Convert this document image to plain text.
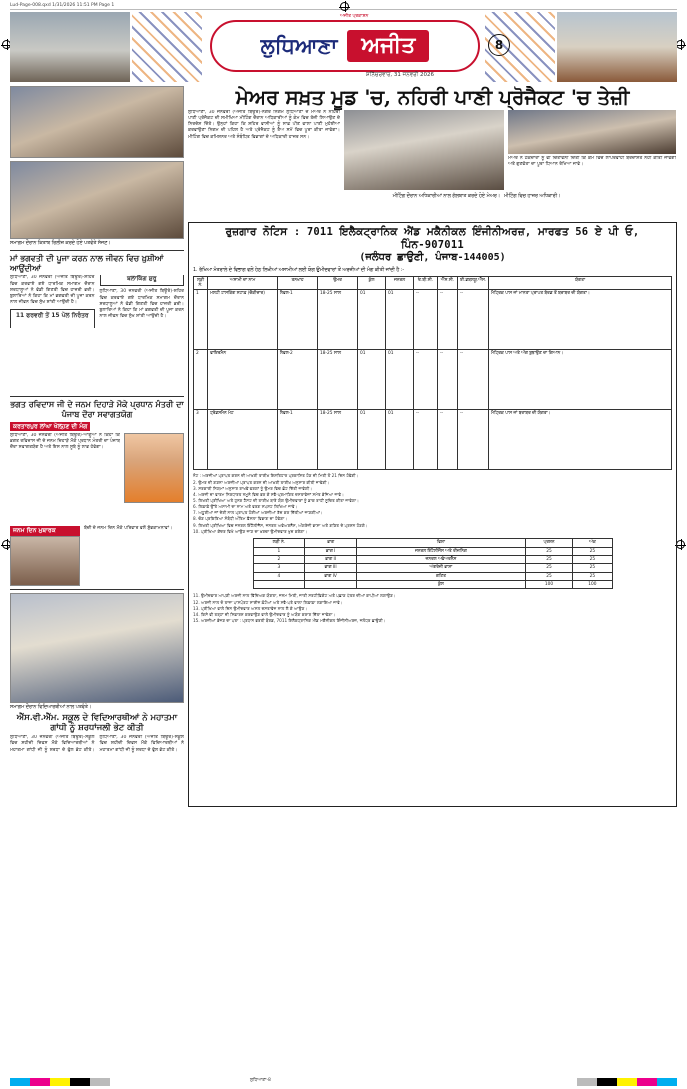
Lud-Page-008.qxd 1/31/2026 11:51 PM Page 1
ਲੁਧਿਆਣਾ	ਅਜੀਤ
ਅਜੀਤ ਪ੍ਰਕਾਸ਼ਨ
ਸ਼ਨਿੱਚਰਵਾਰ, 31 ਜਨਵਰੀ 2026
8

ਸਮਾਗਮ ਦੌਰਾਨ ਕਿਤਾਬ ਰਿਲੀਜ਼ ਕਰਦੇ ਹੋਏ ਪਤਵੰਤੇ ਸੱਜਣ।

ਮਾਂ ਭਗਵਤੀ ਦੀ ਪੂਜਾ ਕਰਨ ਨਾਲ ਜੀਵਨ ਵਿਚ ਖ਼ੁਸ਼ੀਆਂ ਆਉਂਦੀਆਂ
ਲੁਧਿਆਣਾ, 30 ਜਨਵਰੀ (ਅਜੀਤ ਬਿਊਰੋ)-ਸ਼ਹਿਰ ਵਿਚ ਕਰਵਾਏ ਗਏ ਧਾਰਮਿਕ ਸਮਾਗਮ ਦੌਰਾਨ ਸ਼ਰਧਾਲੂਆਂ ਨੇ ਵੱਡੀ ਗਿਣਤੀ ਵਿਚ ਹਾਜ਼ਰੀ ਭਰੀ। ਬੁਲਾਰਿਆਂ ਨੇ ਕਿਹਾ ਕਿ ਮਾਂ ਭਗਵਤੀ ਦੀ ਪੂਜਾ ਕਰਨ ਨਾਲ ਜੀਵਨ ਵਿਚ ਸੁੱਖ ਸ਼ਾਂਤੀ ਆਉਂਦੀ ਹੈ।
11 ਫਰਵਰੀ ਤੋਂ 15 ਪੋਲ ਨਿਰੰਤਰ ਬਲਾਕਿੰਗ ਸ਼ੁਰੂ
ਲੁਧਿਆਣਾ, 30 ਜਨਵਰੀ (ਅਜੀਤ ਬਿਊਰੋ)-ਸ਼ਹਿਰ ਵਿਚ ਕਰਵਾਏ ਗਏ ਧਾਰਮਿਕ ਸਮਾਗਮ ਦੌਰਾਨ ਸ਼ਰਧਾਲੂਆਂ ਨੇ ਵੱਡੀ ਗਿਣਤੀ ਵਿਚ ਹਾਜ਼ਰੀ ਭਰੀ। ਬੁਲਾਰਿਆਂ ਨੇ ਕਿਹਾ ਕਿ ਮਾਂ ਭਗਵਤੀ ਦੀ ਪੂਜਾ ਕਰਨ ਨਾਲ ਜੀਵਨ ਵਿਚ ਸੁੱਖ ਸ਼ਾਂਤੀ ਆਉਂਦੀ ਹੈ।
ਭਗਤ ਰਵਿਦਾਸ ਜੀ ਦੇ ਜਨਮ ਦਿਹਾੜੇ ਮੌਕੇ ਪ੍ਰਧਾਨ ਮੰਤਰੀ ਦਾ ਪੰਜਾਬ ਦੌਰਾ ਸਵਾਗਤਯੋਗ
ਕਰਤਾਰਪੁਰ ਲਾਂਘਾ ਖੋਲ੍ਹਣ ਦੀ ਮੰਗ
ਲੁਧਿਆਣਾ, 30 ਜਨਵਰੀ (ਅਜੀਤ ਬਿਊਰੋ)-ਆਗੂਆਂ ਨੇ ਕਿਹਾ ਕਿ ਭਗਤ ਰਵਿਦਾਸ ਜੀ ਦੇ ਜਨਮ ਦਿਹਾੜੇ ਮੌਕੇ ਪ੍ਰਧਾਨ ਮੰਤਰੀ ਦਾ ਪੰਜਾਬ ਦੌਰਾ ਸਵਾਗਤਯੋਗ ਹੈ ਅਤੇ ਇਸ ਨਾਲ ਸੂਬੇ ਨੂੰ ਲਾਭ ਹੋਵੇਗਾ।
ਜਨਮ ਦਿਨ ਮੁਬਾਰਕ	ਬੱਚੀ ਦੇ ਜਨਮ ਦਿਨ ਮੌਕੇ ਪਰਿਵਾਰ ਵਲੋਂ ਸ਼ੁੱਭਕਾਮਨਾਵਾਂ।

ਸਮਾਗਮ ਦੌਰਾਨ ਵਿਦਿਆਰਥੀਆਂ ਨਾਲ ਪਤਵੰਤੇ।

ਐੱਸ.ਵੀ.ਐੱਮ. ਸਕੂਲ ਦੇ ਵਿਦਿਆਰਥੀਆਂ ਨੇ ਮਹਾਤਮਾ ਗਾਂਧੀ ਨੂੰ ਸ਼ਰਧਾਂਜਲੀ ਭੇਟ ਕੀਤੀ
ਲੁਧਿਆਣਾ, 30 ਜਨਵਰੀ (ਅਜੀਤ ਬਿਊਰੋ)-ਸਕੂਲ ਵਿਚ ਸ਼ਹੀਦੀ ਦਿਵਸ ਮੌਕੇ ਵਿਦਿਆਰਥੀਆਂ ਨੇ ਮਹਾਤਮਾ ਗਾਂਧੀ ਜੀ ਨੂੰ ਸ਼ਰਧਾ ਦੇ ਫੁੱਲ ਭੇਟ ਕੀਤੇ। ਲੁਧਿਆਣਾ, 30 ਜਨਵਰੀ (ਅਜੀਤ ਬਿਊਰੋ)-ਸਕੂਲ ਵਿਚ ਸ਼ਹੀਦੀ ਦਿਵਸ ਮੌਕੇ ਵਿਦਿਆਰਥੀਆਂ ਨੇ ਮਹਾਤਮਾ ਗਾਂਧੀ ਜੀ ਨੂੰ ਸ਼ਰਧਾ ਦੇ ਫੁੱਲ ਭੇਟ ਕੀਤੇ।
ਮੇਅਰ ਸਖ਼ਤ ਮੂਡ 'ਚ, ਨਹਿਰੀ ਪਾਣੀ ਪ੍ਰੋਜੈਕਟ 'ਚ ਤੇਜ਼ੀ
ਲੁਧਿਆਣਾ, 30 ਜਨਵਰੀ (ਅਜੀਤ ਬਿਊਰੋ)-ਨਗਰ ਨਿਗਮ ਲੁਧਿਆਣਾ ਦੇ ਮੇਅਰ ਨੇ ਨਹਿਰੀ ਪਾਣੀ ਪ੍ਰੋਜੈਕਟ ਦੀ ਸਮੀਖਿਆ ਮੀਟਿੰਗ ਦੌਰਾਨ ਅਧਿਕਾਰੀਆਂ ਨੂੰ ਕੰਮ ਵਿਚ ਤੇਜ਼ੀ ਲਿਆਉਣ ਦੇ ਨਿਰਦੇਸ਼ ਦਿੱਤੇ। ਉਨ੍ਹਾਂ ਕਿਹਾ ਕਿ ਸ਼ਹਿਰ ਵਾਸੀਆਂ ਨੂੰ ਸਾਫ਼ ਪੀਣ ਵਾਲਾ ਪਾਣੀ ਮੁਹੱਈਆ ਕਰਵਾਉਣਾ ਨਿਗਮ ਦੀ ਪਹਿਲ ਹੈ ਅਤੇ ਪ੍ਰੋਜੈਕਟ ਨੂੰ ਤੈਅ ਸਮੇਂ ਵਿਚ ਪੂਰਾ ਕੀਤਾ ਜਾਵੇਗਾ। ਮੀਟਿੰਗ ਵਿਚ ਕਮਿਸ਼ਨਰ ਅਤੇ ਸੰਬੰਧਿਤ ਵਿਭਾਗਾਂ ਦੇ ਅਧਿਕਾਰੀ ਹਾਜ਼ਰ ਸਨ।
ਮੇਅਰ ਨੇ ਠੇਕੇਦਾਰਾਂ ਨੂੰ ਵੀ ਚਿਤਾਵਨੀ ਦਿੱਤੀ ਕਿ ਕੰਮ ਵਿਚ ਲਾਪਰਵਾਹੀ ਬਰਦਾਸ਼ਤ ਨਹੀਂ ਕੀਤੀ ਜਾਵੇਗੀ ਅਤੇ ਗੁਣਵੱਤਾ ਦਾ ਪੂਰਾ ਧਿਆਨ ਰੱਖਿਆ ਜਾਵੇ।

ਮੀਟਿੰਗ ਦੌਰਾਨ ਅਧਿਕਾਰੀਆਂ ਨਾਲ ਗੱਲਬਾਤ ਕਰਦੇ ਹੋਏ ਮੇਅਰ। ਮੀਟਿੰਗ ਵਿਚ ਹਾਜ਼ਰ ਅਧਿਕਾਰੀ।

ਰੁਜ਼ਗਾਰ ਨੋਟਿਸ : 7011 ਇਲੈਕਟ੍ਰਾਨਿਕ ਐਂਡ ਮਕੈਨੀਕਲ ਇੰਜੀਨੀਅਰਜ਼, ਮਾਰਫਤ 56 ਏ ਪੀ ਓ, ਪਿੰਨ-907011
(ਜਲੰਧਰ ਛਾਉਣੀ, ਪੰਜਾਬ-144005)

1. ਰੱਖਿਆ ਮੰਤਰਾਲੇ ਦੇ ਵਿਭਾਗ ਵਲੋਂ ਹੇਠ ਲਿਖੀਆਂ ਅਸਾਮੀਆਂ ਲਈ ਯੋਗ ਉਮੀਦਵਾਰਾਂ ਤੋਂ ਅਰਜ਼ੀਆਂ ਦੀ ਮੰਗ ਕੀਤੀ ਜਾਂਦੀ ਹੈ :-

ਲੜੀ ਨੰ.	ਅਸਾਮੀ ਦਾ ਨਾਮ	ਤਨਖਾਹ	ਉਮਰ	ਕੁੱਲ	ਜਨਰਲ	ਓ.ਬੀ.ਸੀ.	ਐੱਸ.ਸੀ.	ਈ.ਡਬਲਯੂ.ਐੱਸ.	ਯੋਗਤਾ
1	ਮਲਟੀ ਟਾਸਕਿੰਗ ਸਟਾਫ਼ (ਚੌਕੀਦਾਰ)	ਲੈਵਲ-1	18-25 ਸਾਲ	01	01	--	--	--	ਮੈਟ੍ਰਿਕ ਪਾਸ ਜਾਂ ਮਾਨਤਾ ਪ੍ਰਾਪਤ ਬੋਰਡ ਤੋਂ ਬਰਾਬਰ ਦੀ ਯੋਗਤਾ।
2	ਫਾਇਰਮੈਨ	ਲੈਵਲ-2	18-25 ਸਾਲ	01	01	--	--	--	ਮੈਟ੍ਰਿਕ ਪਾਸ ਅਤੇ ਅੱਗ ਬੁਝਾਉਣ ਦਾ ਗਿਆਨ।
3	ਟ੍ਰੇਡਸਮੈਨ ਮੇਟ	ਲੈਵਲ-1	18-25 ਸਾਲ	01	01	--	--	--	ਮੈਟ੍ਰਿਕ ਪਾਸ ਜਾਂ ਬਰਾਬਰ ਦੀ ਯੋਗਤਾ।

ਨੋਟ : ਅਰਜ਼ੀਆਂ ਪ੍ਰਾਪਤ ਕਰਨ ਦੀ ਆਖ਼ਰੀ ਤਾਰੀਖ਼ ਇਸ਼ਤਿਹਾਰ ਪ੍ਰਕਾਸ਼ਿਤ ਹੋਣ ਦੀ ਮਿਤੀ ਤੋਂ 21 ਦਿਨ ਹੋਵੇਗੀ।

2. ਉਮਰ ਦੀ ਗਣਨਾ ਅਰਜ਼ੀਆਂ ਪ੍ਰਾਪਤ ਕਰਨ ਦੀ ਆਖ਼ਰੀ ਤਾਰੀਖ਼ ਅਨੁਸਾਰ ਕੀਤੀ ਜਾਵੇਗੀ।

3. ਸਰਕਾਰੀ ਨਿਯਮਾਂ ਅਨੁਸਾਰ ਰਾਖਵੇਂ ਵਰਗਾਂ ਨੂੰ ਉਮਰ ਵਿਚ ਛੋਟ ਦਿੱਤੀ ਜਾਵੇਗੀ।

4. ਅਰਜ਼ੀ ਦਾ ਫਾਰਮ ਨਿਰਧਾਰਤ ਨਮੂਨੇ ਵਿਚ ਭਰ ਕੇ ਸਵੈ-ਪ੍ਰਮਾਣਿਤ ਦਸਤਾਵੇਜ਼ਾਂ ਸਮੇਤ ਭੇਜਿਆ ਜਾਵੇ।

5. ਲਿਖਤੀ ਪ੍ਰੀਖਿਆ ਅਤੇ ਹੁਨਰ ਟੈਸਟ ਦੀ ਤਾਰੀਖ਼ ਬਾਰੇ ਯੋਗ ਉਮੀਦਵਾਰਾਂ ਨੂੰ ਡਾਕ ਰਾਹੀਂ ਸੂਚਿਤ ਕੀਤਾ ਜਾਵੇਗਾ।

6. ਲਿਫ਼ਾਫ਼ੇ ਉੱਤੇ ਅਸਾਮੀ ਦਾ ਨਾਮ ਅਤੇ ਵਰਗ ਸਪਸ਼ਟ ਲਿਖਿਆ ਜਾਵੇ।

7. ਅਧੂਰੀਆਂ ਜਾਂ ਦੇਰੀ ਨਾਲ ਪ੍ਰਾਪਤ ਹੋਈਆਂ ਅਰਜ਼ੀਆਂ ਰੱਦ ਕਰ ਦਿੱਤੀਆਂ ਜਾਣਗੀਆਂ।

8. ਚੋਣ ਪ੍ਰਕਿਰਿਆ ਸੰਬੰਧੀ ਅੰਤਿਮ ਫ਼ੈਸਲਾ ਵਿਭਾਗ ਦਾ ਹੋਵੇਗਾ।

9. ਲਿਖਤੀ ਪ੍ਰੀਖਿਆ ਵਿਚ ਜਨਰਲ ਇੰਟੈਲੀਜੈਂਸ, ਜਨਰਲ ਅਵੇਅਰਨੈੱਸ, ਅੰਗਰੇਜ਼ੀ ਭਾਸ਼ਾ ਅਤੇ ਗਣਿਤ ਦੇ ਪ੍ਰਸ਼ਨ ਹੋਣਗੇ।

10. ਪ੍ਰੀਖਿਆ ਕੇਂਦਰ ਵਿਖੇ ਆਉਣ ਜਾਣ ਦਾ ਖ਼ਰਚਾ ਉਮੀਦਵਾਰ ਖੁਦ ਕਰੇਗਾ।

ਲੜੀ ਨੰ.	ਭਾਗ	ਵਿਸ਼ਾ	ਪ੍ਰਸ਼ਨ	ਅੰਕ
1	ਭਾਗ I	ਜਨਰਲ ਇੰਟੈਲੀਜੈਂਸ ਅਤੇ ਰੀਜ਼ਨਿੰਗ	25	25
2	ਭਾਗ II	ਜਨਰਲ ਅਵੇਅਰਨੈੱਸ	25	25
3	ਭਾਗ III	ਅੰਗਰੇਜ਼ੀ ਭਾਸ਼ਾ	25	25
4	ਭਾਗ IV	ਗਣਿਤ	25	25
		ਕੁੱਲ	100	100

11. ਉਮੀਦਵਾਰ ਆਪਣੀ ਅਰਜ਼ੀ ਨਾਲ ਵਿੱਦਿਅਕ ਯੋਗਤਾ, ਜਨਮ ਮਿਤੀ, ਜਾਤੀ ਸਰਟੀਫ਼ਿਕੇਟ ਅਤੇ ਪਛਾਣ ਪੱਤਰ ਦੀਆਂ ਕਾਪੀਆਂ ਲਗਾਉਣ।

12. ਅਰਜ਼ੀ ਨਾਲ ਦੋ ਤਾਜ਼ਾ ਪਾਸਪੋਰਟ ਸਾਈਜ਼ ਫ਼ੋਟੋਆਂ ਅਤੇ ਸਵੈ-ਪਤੇ ਵਾਲਾ ਲਿਫ਼ਾਫ਼ਾ ਲਗਾਇਆ ਜਾਵੇ।

13. ਪ੍ਰੀਖਿਆ ਵਾਲੇ ਦਿਨ ਉਮੀਦਵਾਰ ਅਸਲ ਦਸਤਾਵੇਜ਼ ਨਾਲ ਲੈ ਕੇ ਆਉਣ।

14. ਕਿਸੇ ਵੀ ਤਰ੍ਹਾਂ ਦੀ ਸਿਫ਼ਾਰਸ਼ ਕਰਵਾਉਣ ਵਾਲੇ ਉਮੀਦਵਾਰ ਨੂੰ ਅਯੋਗ ਕਰਾਰ ਦਿੱਤਾ ਜਾਵੇਗਾ।

15. ਅਰਜ਼ੀਆਂ ਭੇਜਣ ਦਾ ਪਤਾ : ਪ੍ਰਧਾਨ ਭਰਤੀ ਬੋਰਡ, 7011 ਇਲੈਕਟ੍ਰਾਨਿਕ ਐਂਡ ਮਕੈਨੀਕਲ ਇੰਜੀਨੀਅਰਜ਼, ਜਲੰਧਰ ਛਾਉਣੀ।

ਲੁਧਿਆਣਾ-8
